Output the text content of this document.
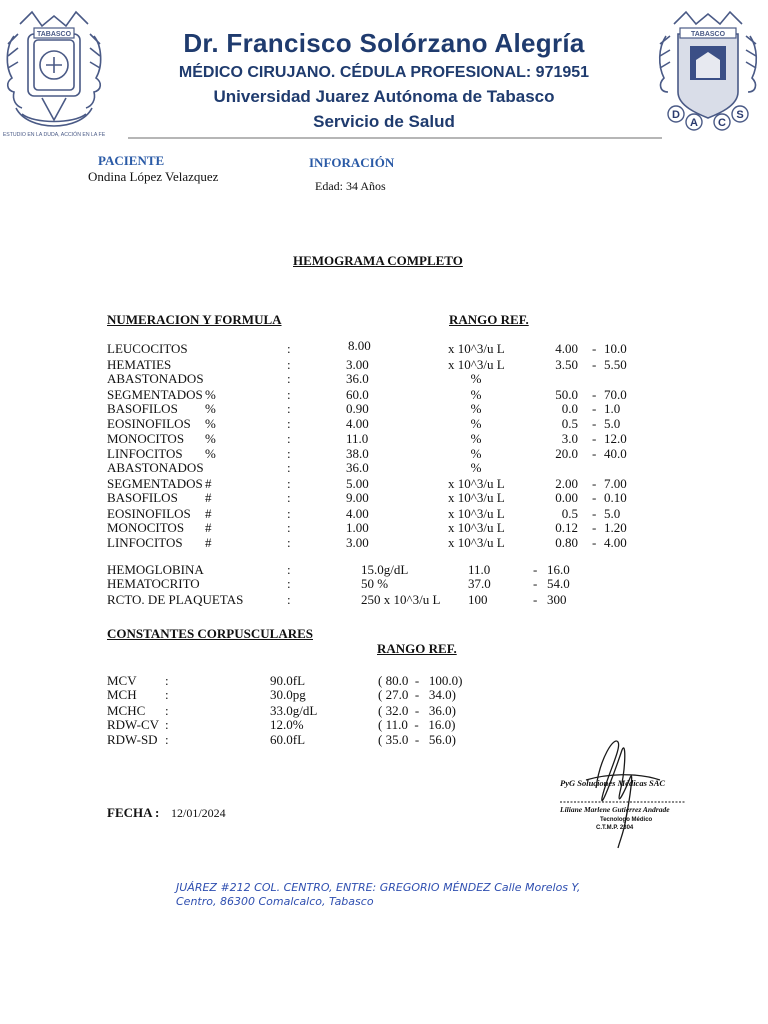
TABASCO
ESTUDIO EN LA DUDA, ACCIÓN EN LA FE
TABASCO
D
A C
S
Dr. Francisco Solórzano Alegría
MÉDICO CIRUJANO. CÉDULA PROFESIONAL: 971951
Universidad Juarez Autónoma de Tabasco
Servicio de Salud
PACIENTE
Ondina López Velazquez
INFORACIÓN
Edad: 34 Años
HEMOGRAMA COMPLETO
NUMERACION Y FORMULA	RANGO REF.
LEUCOCITOS	:	8.00	x 10^3/u L	4.00 - 10.0
HEMATIES	:	3.00	x 10^3/u L	3.50 - 5.50
ABASTONADOS	:	36.0	%
SEGMENTADOS %	:	60.0	%	50.0 - 70.0
BASOFILOS %	:	0.90	%	0.0 - 1.0
EOSINOFILOS %	:	4.00	%	0.5 - 5.0
MONOCITOS %	:	11.0	%	3.0 - 12.0
LINFOCITOS %	:	38.0	%	20.0 - 40.0
ABASTONADOS	:	36.0	%
SEGMENTADOS #	:	5.00	x 10^3/u L	2.00 - 7.00
BASOFILOS #	:	9.00	x 10^3/u L	0.00 - 0.10
EOSINOFILOS #	:	4.00	x 10^3/u L	0.5 - 5.0
MONOCITOS #	:	1.00	x 10^3/u L	0.12 - 1.20
LINFOCITOS #	:	3.00	x 10^3/u L	0.80 - 4.00
HEMOGLOBINA	:	15.0g/dL	11.0	- 16.0
HEMATOCRITO	:	50 %	37.0	- 54.0
RCTO. DE PLAQUETAS	:	250 x 10^3/u L 100	- 300
CONSTANTES CORPUSCULARES
RANGO REF.
MCV :	90.0fL	( 80.0  -   100.0)
MCH :	30.0pg	( 27.0  -   34.0)
MCHC :	33.0g/dL	( 32.0  -   36.0)
RDW-CV :	12.0%	( 11.0  -   16.0)
RDW-SD :	60.0fL	( 35.0  -   56.0)
FECHA : 12/01/2024
PyG Soluciones Médicas SAC
Liliane Marlene Gutierrez Andrade
Tecnologo Médico
C.T.M.P. 2304
JUÁREZ #212 COL. CENTRO, ENTRE: GREGORIO MÉNDEZ Calle Morelos Y,
Centro, 86300 Comalcalco, Tabasco
